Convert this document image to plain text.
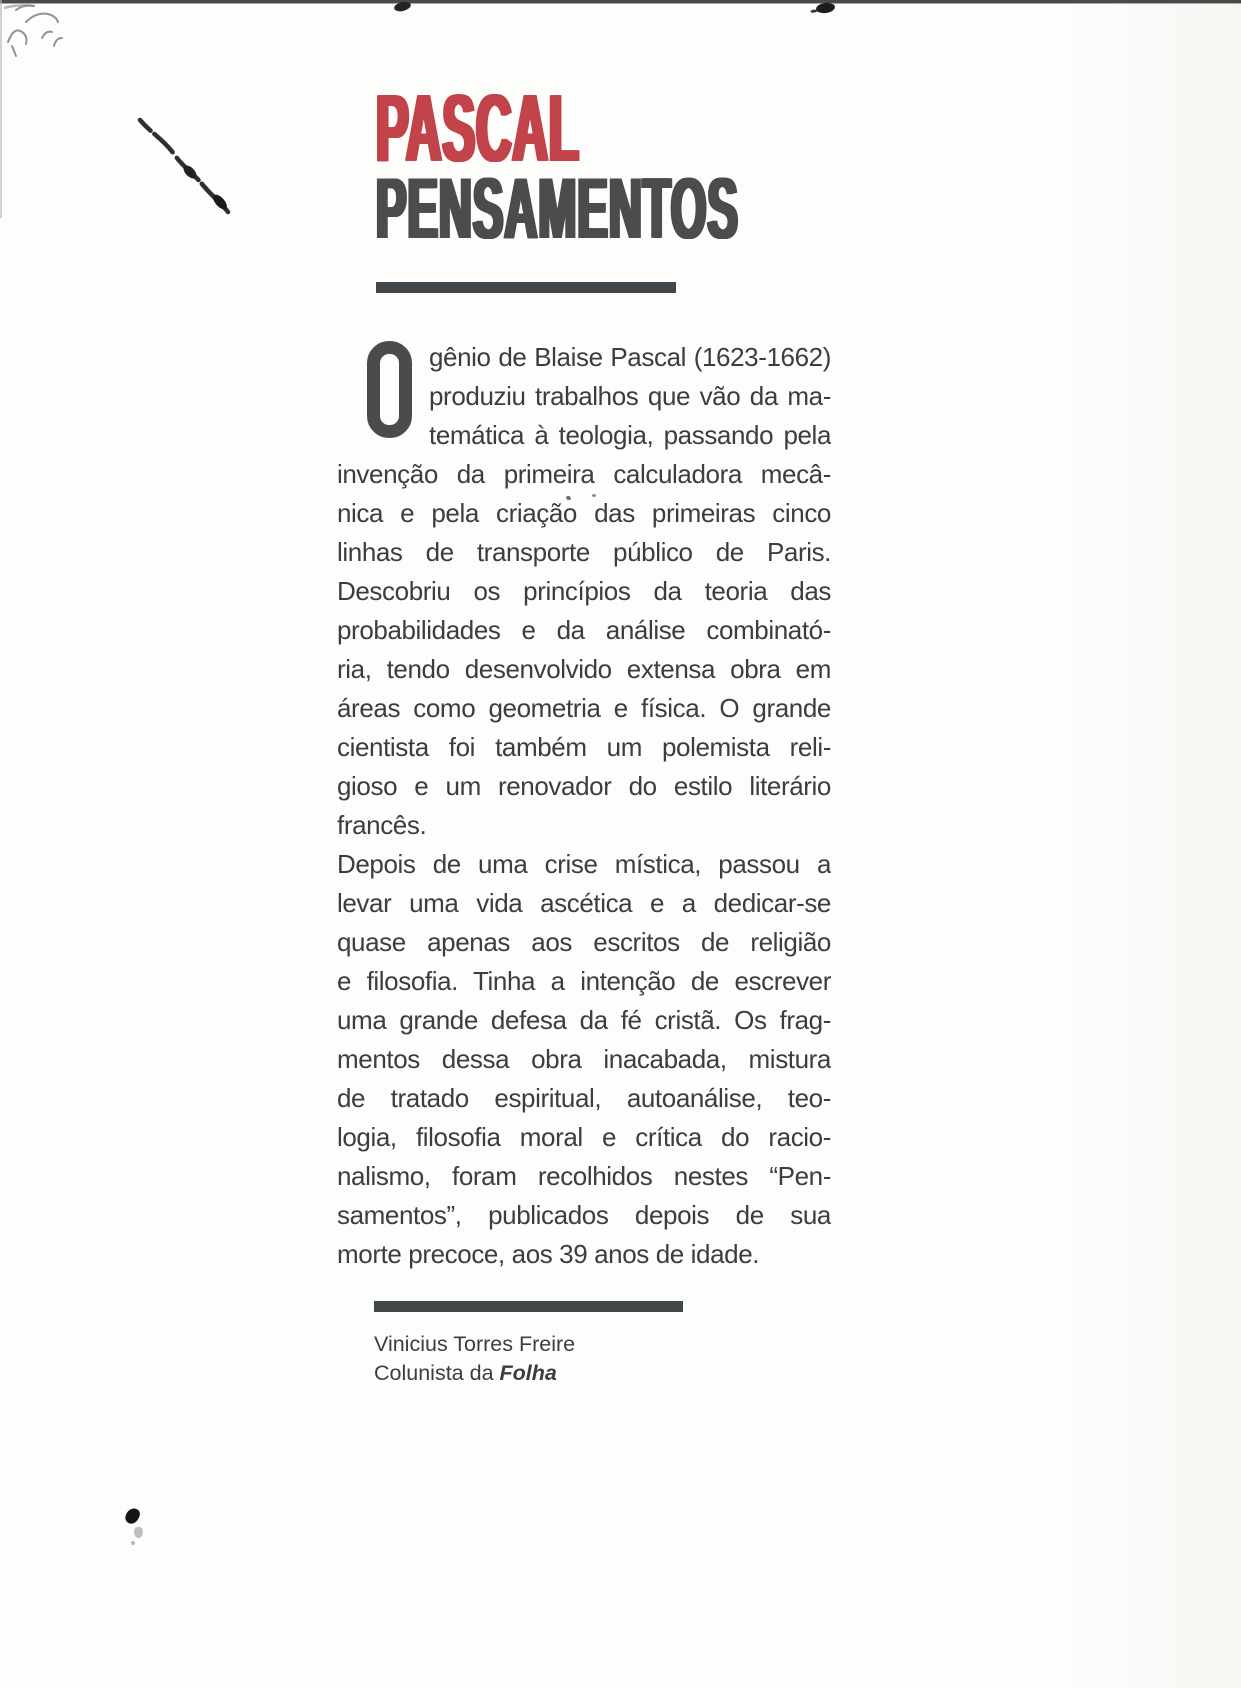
PASCAL
PENSAMENTOS
gênio de Blaise Pascal (1623-1662)
produziu trabalhos que vão da ma-
temática à teologia, passando pela
invenção da primeira calculadora mecâ-
nica e pela criação das primeiras cinco
linhas de transporte público de Paris.
Descobriu os princípios da teoria das
probabilidades e da análise combinató-
ria, tendo desenvolvido extensa obra em
áreas como geometria e física. O grande
cientista foi também um polemista reli-
gioso e um renovador do estilo literário
francês.
Depois de uma crise mística, passou a
levar uma vida ascética e a dedicar-se
quase apenas aos escritos de religião
e filosofia. Tinha a intenção de escrever
uma grande defesa da fé cristã. Os frag-
mentos dessa obra inacabada, mistura
de tratado espiritual, autoanálise, teo-
logia, filosofia moral e crítica do racio-
nalismo, foram recolhidos nestes “Pen-
samentos”, publicados depois de sua
morte precoce, aos 39 anos de idade.
Vinicius Torres Freire
Colunista da Folha
